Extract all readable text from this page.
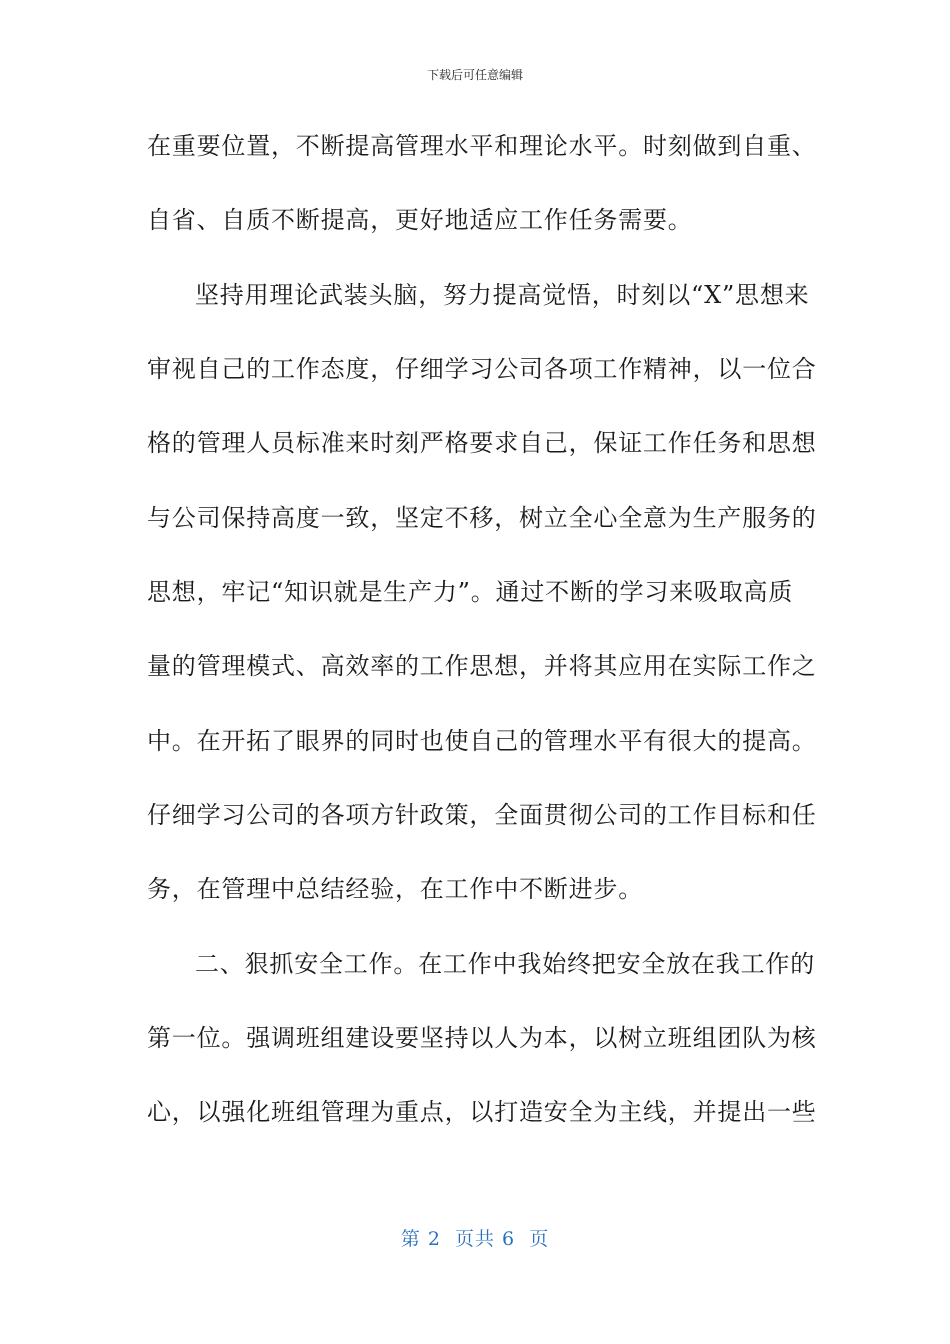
下载后可任意编辑
在重要位置，不断提高管理水平和理论水平。时刻做到自重、
自省、自质不断提高，更好地适应工作任务需要。
坚持用理论武装头脑，努力提高觉悟，时刻以“X”思想来
审视自己的工作态度，仔细学习公司各项工作精神，以一位合
格的管理人员标准来时刻严格要求自己，保证工作任务和思想
与公司保持高度一致，坚定不移，树立全心全意为生产服务的
思想，牢记“知识就是生产力”。通过不断的学习来吸取高质
量的管理模式、高效率的工作思想，并将其应用在实际工作之
中。在开拓了眼界的同时也使自己的管理水平有很大的提高。
仔细学习公司的各项方针政策，全面贯彻公司的工作目标和任
务，在管理中总结经验，在工作中不断进步。
二、狠抓安全工作。在工作中我始终把安全放在我工作的
第一位。强调班组建设要坚持以人为本，以树立班组团队为核
心，以强化班组管理为重点，以打造安全为主线，并提出一些
第 2  页共 6  页
